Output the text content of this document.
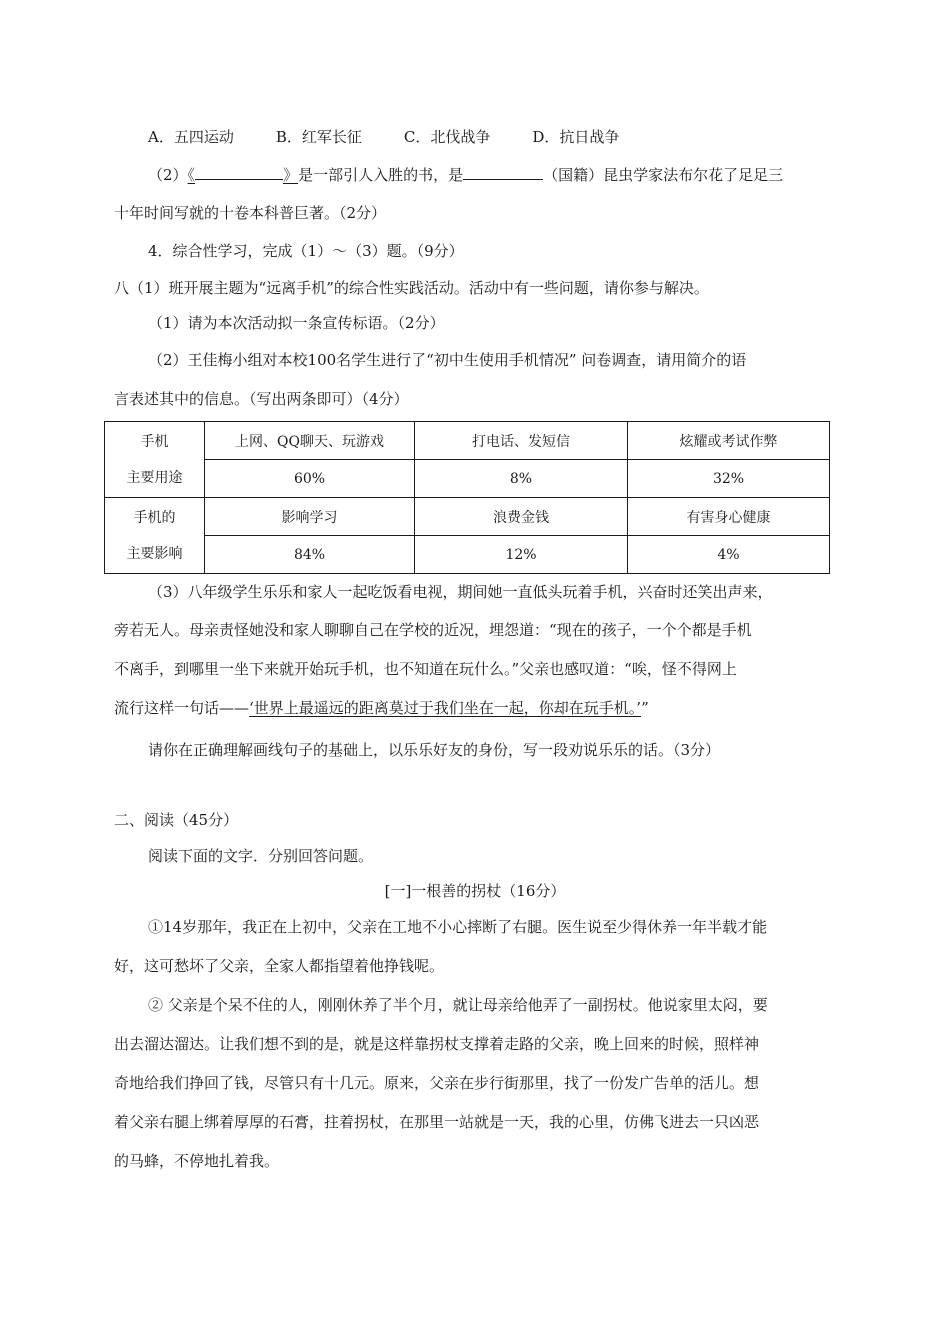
A．五四运动	B．红军长征	C．北伐战争	D．抗日战争
（2）《	》是一部引人入胜的书，是	（国籍）昆虫学家法布尔花了足足三
十年时间写就的十卷本科普巨著。（2分）
4．综合性学习，完成（1）～（3）题。（9分）
八（1）班开展主题为“远离手机”的综合性实践活动。活动中有一些问题，请你参与解决。
（1）请为本次活动拟一条宣传标语。（2分）
（2）王佳梅小组对本校100名学生进行了“初中生使用手机情况” 问卷调查，请用简介的语
言表述其中的信息。（写出两条即可）（4分）
手机
主要用途	上网、QQ聊天、玩游戏	打电话、发短信	炫耀或考试作弊
	60%	8%	32%

手机的
主要影响	影响学习	浪费金钱	有害身心健康
	84%	12%	4%
（3）八年级学生乐乐和家人一起吃饭看电视，期间她一直低头玩着手机，兴奋时还笑出声来，
旁若无人。母亲责怪她没和家人聊聊自己在学校的近况，埋怨道：“现在的孩子，一个个都是手机
不离手，到哪里一坐下来就开始玩手机，也不知道在玩什么。”父亲也感叹道：“唉，怪不得网上
流行这样一句话——‘世界上最遥远的距离莫过于我们坐在一起，你却在玩手机。’”
请你在正确理解画线句子的基础上，以乐乐好友的身份，写一段劝说乐乐的话。（3分）
二、阅读（45分）
阅读下面的文字．分别回答问题。
[一]一根善的拐杖（16分）
①14岁那年，我正在上初中，父亲在工地不小心摔断了右腿。医生说至少得休养一年半载才能
好，这可愁坏了父亲，全家人都指望着他挣钱呢。
② 父亲是个呆不住的人，刚刚休养了半个月，就让母亲给他弄了一副拐杖。他说家里太闷，要
出去溜达溜达。让我们想不到的是，就是这样靠拐杖支撑着走路的父亲，晚上回来的时候，照样神
奇地给我们挣回了钱，尽管只有十几元。原来，父亲在步行街那里，找了一份发广告单的活儿。想
着父亲右腿上绑着厚厚的石膏，拄着拐杖，在那里一站就是一天，我的心里，仿佛飞进去一只凶恶
的马蜂，不停地扎着我。
